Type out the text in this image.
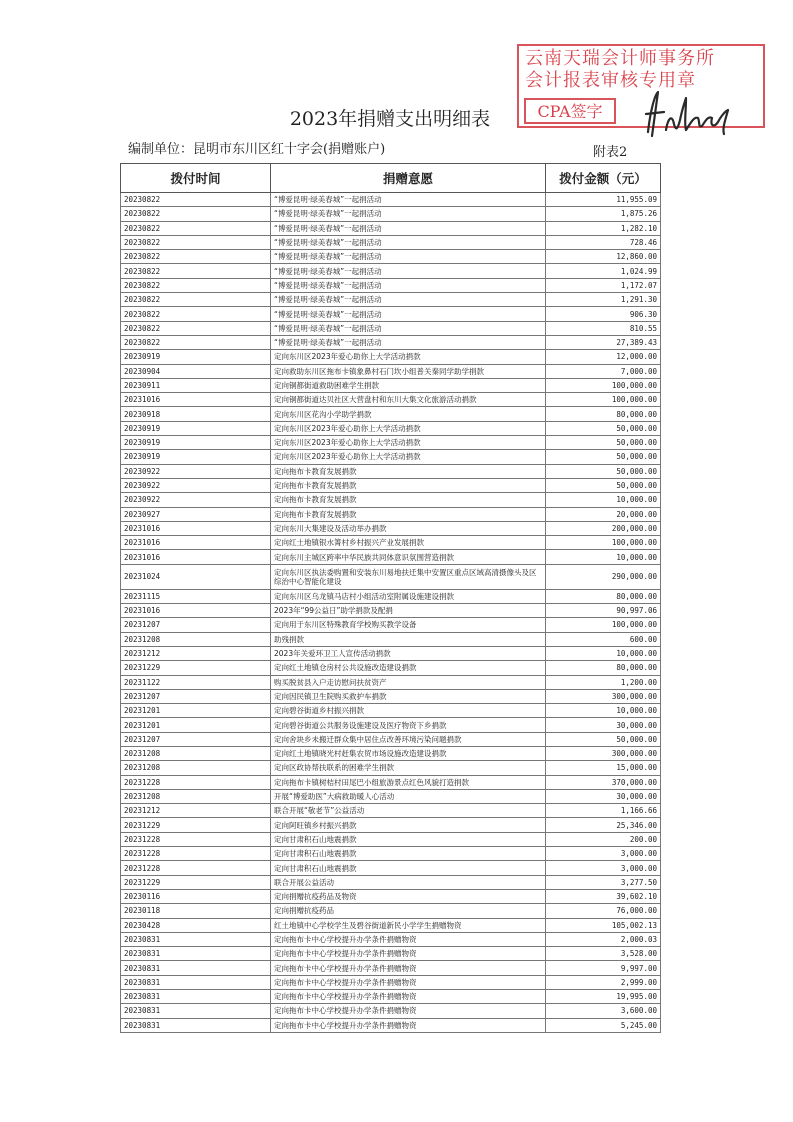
云南天瑞会计师事务所
会计报表审核专用章
CPA签字
2023年捐赠支出明细表
编制单位：昆明市东川区红十字会(捐赠账户)	附表2
拨付时间	捐赠意愿	拨付金额（元）
20230822	“博爱昆明·绿美春城”一起捐活动	11,955.09
20230822	“博爱昆明·绿美春城”一起捐活动	1,875.26
20230822	“博爱昆明·绿美春城”一起捐活动	1,282.10
20230822	“博爱昆明·绿美春城”一起捐活动	728.46
20230822	“博爱昆明·绿美春城”一起捐活动	12,860.00
20230822	“博爱昆明·绿美春城”一起捐活动	1,024.99
20230822	“博爱昆明·绿美春城”一起捐活动	1,172.07
20230822	“博爱昆明·绿美春城”一起捐活动	1,291.30
20230822	“博爱昆明·绿美春城”一起捐活动	906.30
20230822	“博爱昆明·绿美春城”一起捐活动	810.55
20230822	“博爱昆明·绿美春城”一起捐活动	27,389.43
20230919	定向东川区2023年爱心助你上大学活动捐款	12,000.00
20230904	定向救助东川区拖布卡镇象鼻村石门坎小组普关秦同学助学捐款	7,000.00
20230911	定向铜都街道救助困难学生捐款	100,000.00
20231016	定向铜都街道达贝社区大营盘村和东川大集文化旅游活动捐款	100,000.00
20230918	定向东川区花沟小学助学捐款	80,000.00
20230919	定向东川区2023年爱心助你上大学活动捐款	50,000.00
20230919	定向东川区2023年爱心助你上大学活动捐款	50,000.00
20230919	定向东川区2023年爱心助你上大学活动捐款	50,000.00
20230922	定向拖布卡教育发展捐款	50,000.00
20230922	定向拖布卡教育发展捐款	50,000.00
20230922	定向拖布卡教育发展捐款	10,000.00
20230927	定向拖布卡教育发展捐款	20,000.00
20231016	定向东川大集建设及活动举办捐款	200,000.00
20231016	定向红土地镇银水箐村乡村振兴产业发展捐款	100,000.00
20231016	定向东川主城区跨率中华民族共同体意识氛围营造捐款	10,000.00
20231024	定向东川区执法委购置和安装东川易地扶迁集中安置区重点区域高清摄像头及区综治中心智能化建设	290,000.00
20231115	定向东川区乌龙镇马店村小组活动室附属设施建设捐款	80,000.00
20231016	2023年“99公益日”助学捐款及配捐	90,997.06
20231207	定向用于东川区特殊教育学校购买教学设备	100,000.00
20231208	助残捐款	600.00
20231212	2023年关爱环卫工人宣传活动捐款	10,000.00
20231229	定向红土地镇仓房村公共设施改造建设捐款	80,000.00
20231122	购买脱贫县入户走访慰问扶贫资产	1,200.00
20231207	定向因民镇卫生院购买救护车捐款	300,000.00
20231201	定向碧谷街道乡村振兴捐款	10,000.00
20231201	定向碧谷街道公共服务设施建设及医疗物资下乡捐款	30,000.00
20231207	定向舍块乡未搬迁群众集中居住点改善环境污染问题捐款	50,000.00
20231208	定向红土地镇晓光村赶集农贸市场设施改造建设捐款	300,000.00
20231208	定向区政协帮扶联系的困难学生捐款	15,000.00
20231228	定向拖布卡镇树桔村田尾巴小组旅游景点红色风貌打造捐款	370,000.00
20231208	开展“博爱助医”大病救助暖人心活动	30,000.00
20231212	联合开展“敬老节”公益活动	1,166.66
20231229	定向阿旺镇乡村振兴捐款	25,346.00
20231228	定向甘肃积石山地震捐款	200.00
20231228	定向甘肃积石山地震捐款	3,000.00
20231228	定向甘肃积石山地震捐款	3,000.00
20231229	联合开展公益活动	3,277.50
20230116	定向捐赠抗疫药品及物资	39,602.10
20230118	定向捐赠抗疫药品	76,000.00
20230428	红土地镇中心学校学生及碧谷街道新民小学学生捐赠物资	105,002.13
20230831	定向拖布卡中心学校提升办学条件捐赠物资	2,000.03
20230831	定向拖布卡中心学校提升办学条件捐赠物资	3,528.00
20230831	定向拖布卡中心学校提升办学条件捐赠物资	9,997.00
20230831	定向拖布卡中心学校提升办学条件捐赠物资	2,999.00
20230831	定向拖布卡中心学校提升办学条件捐赠物资	19,995.00
20230831	定向拖布卡中心学校提升办学条件捐赠物资	3,600.00
20230831	定向拖布卡中心学校提升办学条件捐赠物资	5,245.00
